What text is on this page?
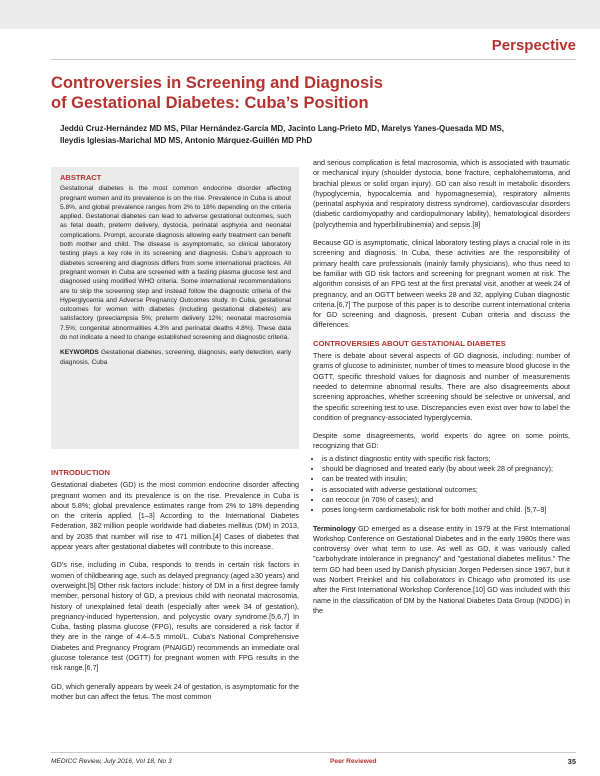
Perspective
Controversies in Screening and Diagnosis
of Gestational Diabetes: Cuba’s Position

Jeddú Cruz-Hernández MD MS, Pilar Hernández-García MD, Jacinto Lang-Prieto MD, Marelys Yanes-Quesada MD MS,
Ileydis Iglesias-Marichal MD MS, Antonio Márquez-Guillén MD PhD

ABSTRACT

Gestational diabetes is the most common endocrine disorder affecting pregnant women and its prevalence is on the rise. Prevalence in Cuba is about 5.8%, and global prevalence ranges from 2% to 18% depending on the criteria applied. Gestational diabetes can lead to adverse gestational outcomes, such as fetal death, preterm delivery, dystocia, perinatal asphyxia and neonatal complications. Prompt, accurate diagnosis allowing early treatment can benefit both mother and child. The disease is asymptomatic, so clinical laboratory testing plays a key role in its screening and diagnosis. Cuba’s approach to diabetes screening and diagnosis differs from some international practices. All pregnant women in Cuba are screened with a fasting plasma glucose test and diagnosed using modified WHO criteria. Some international recommendations are to skip the screening step and instead follow the diagnostic criteria of the Hyperglycemia and Adverse Pregnancy Outcomes study. In Cuba, gestational outcomes for women with diabetes (including gestational diabetes) are satisfactory (preeclampsia 5%; preterm delivery 12%; neonatal macrosomia 7.5%; congenital abnormalities 4.3% and perinatal deaths 4.8%). These data do not indicate a need to change established screening and diagnostic criteria.

KEYWORDS Gestational diabetes, screening, diagnosis, early detection, early diagnosis, Cuba

INTRODUCTION

Gestational diabetes (GD) is the most common endocrine disorder affecting pregnant women and its prevalence is on the rise. Prevalence in Cuba is about 5.8%; global prevalence estimates range from 2% to 18% depending on the criteria applied. [1–3] According to the International Diabetes Federation, 382 million people worldwide had diabetes mellitus (DM) in 2013, and by 2035 that number will rise to 471 million.[4] Cases of diabetes that appear years after gestational diabetes will contribute to this increase.

GD’s rise, including in Cuba, responds to trends in certain risk factors in women of childbearing age, such as delayed pregnancy (aged ≥30 years) and overweight.[5] Other risk factors include: history of DM in a first degree family member, personal history of GD, a previous child with neonatal macrosomia, history of unexplained fetal death (especially after week 34 of gestation), pregnancy-induced hypertension, and polycystic ovary syndrome.[5,6,7] In Cuba, fasting plasma glucose (FPG), results are considered a risk factor if they are in the range of 4.4–5.5 mmol/L. Cuba’s National Comprehensive Diabetes and Pregnancy Program (PNAIGD) recommends an immediate oral glucose tolerance test (OGTT) for pregnant women with FPG results in the risk range.[6,7]

GD, which generally appears by week 24 of gestation, is asymptomatic for the mother but can affect the fetus. The most common

and serious complication is fetal macrosomia, which is associated with traumatic or mechanical injury (shoulder dystocia, bone fracture, cephalohematoma, and brachial plexus or solid organ injury). GD can also result in metabolic disorders (hypoglycemia, hypocalcemia and hypomagnesemia), respiratory ailments (perinatal asphyxia and respiratory distress syndrome), cardiovascular disorders (diabetic cardiomyopathy and cardiopulmonary lability), hematological disorders (polycythemia and hyperbilirubinemia) and sepsis.[8]

Because GD is asymptomatic, clinical laboratory testing plays a crucial role in its screening and diagnosis. In Cuba, these activities are the responsibility of primary health care professionals (mainly family physicians), who thus need to be familiar with GD risk factors and screening for pregnant women at risk. The algorithm consists of an FPG test at the first prenatal visit, another at week 24 of pregnancy, and an OGTT between weeks 28 and 32, applying Cuban diagnostic criteria.[6,7] The purpose of this paper is to describe current international criteria for GD screening and diagnosis, present Cuban criteria and discuss the differences.

CONTROVERSIES ABOUT GESTATIONAL DIABETES

There is debate about several aspects of GD diagnosis, including: number of grams of glucose to administer, number of times to measure blood glucose in the OGTT, specific threshold values for diagnosis and number of measurements needed to determine abnormal results. There are also disagreements about screening approaches, whether screening should be selective or universal, and the specific screening test to use. Discrepancies even exist over how to label the condition of pregnancy-associated hyperglycemia.

Despite some disagreements, world experts do agree on some points, recognizing that GD:

• is a distinct diagnostic entity with specific risk factors;
• should be diagnosed and treated early (by about week 28 of pregnancy);
• can be treated with insulin;
• is associated with adverse gestational outcomes;
• can reoccur (in 70% of cases); and
• poses long-term cardiometabolic risk for both mother and child. [5,7–9]

Terminology GD emerged as a disease entity in 1979 at the First International Workshop Conference on Gestational Diabetes and in the early 1980s there was controversy over what term to use. As well as GD, it was variously called "carbohydrate intolerance in pregnancy" and "gestational diabetes mellitus." The term GD had been used by Danish physician Jorgen Pedersen since 1967, but it was Norbert Freinkel and his collaborators in Chicago who promoted its use after the First International Workshop Conference.[10] GD was included with this name in the classification of DM by the National Diabetes Data Group (NDDG) in the

MEDICC Review, July 2016, Vol 18, No 3	Peer Reviewed	35
